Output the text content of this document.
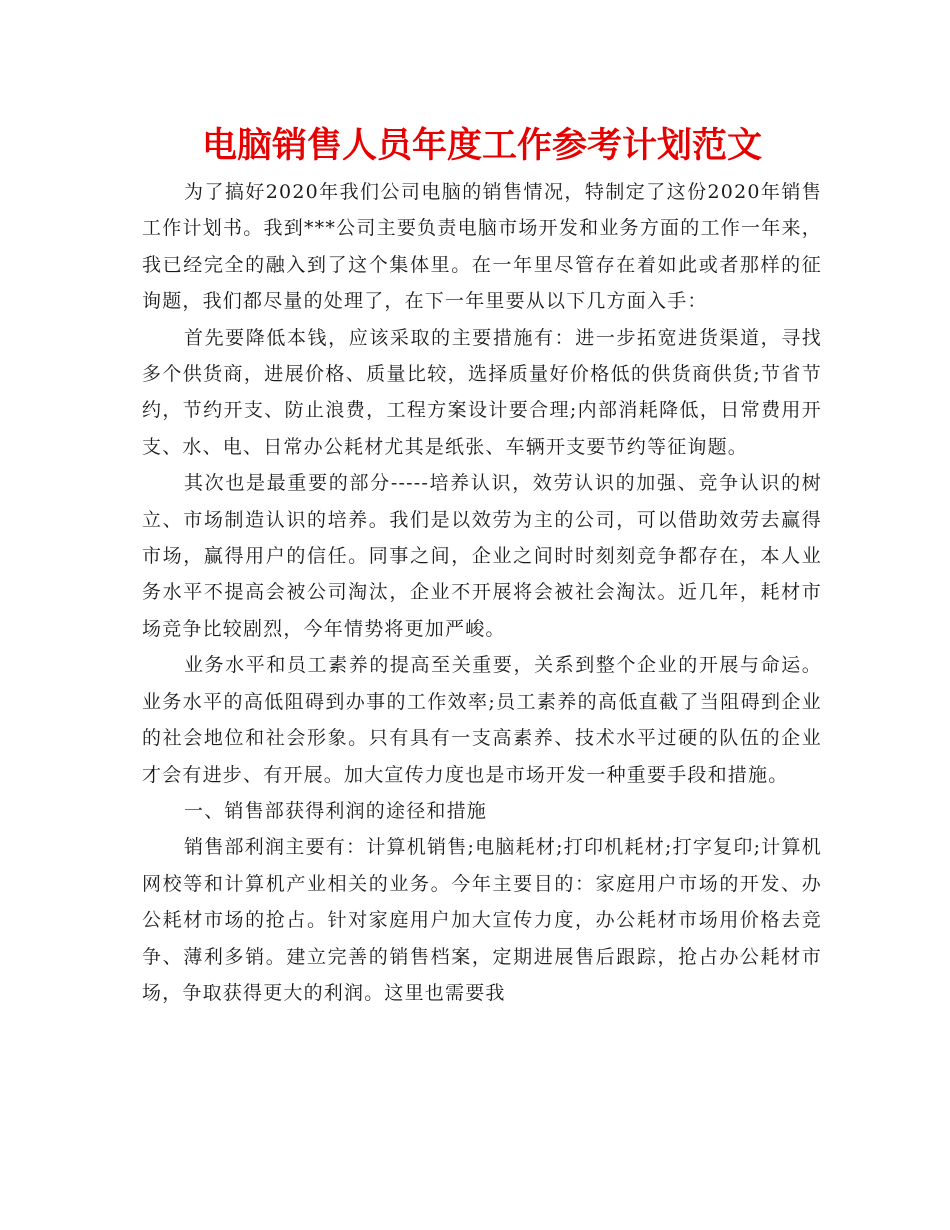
电脑销售人员年度工作参考计划范文

为了搞好2020年我们公司电脑的销售情况，特制定了这份2020年销售工作计划书。我到***公司主要负责电脑市场开发和业务方面的工作一年来，我已经完全的融入到了这个集体里。在一年里尽管存在着如此或者那样的征询题，我们都尽量的处理了，在下一年里要从以下几方面入手：

首先要降低本钱，应该采取的主要措施有：进一步拓宽进货渠道，寻找多个供货商，进展价格、质量比较，选择质量好价格低的供货商供货;节省节约，节约开支、防止浪费，工程方案设计要合理;内部消耗降低，日常费用开支、水、电、日常办公耗材尤其是纸张、车辆开支要节约等征询题。

其次也是最重要的部分-----培养认识，效劳认识的加强、竞争认识的树立、市场制造认识的培养。我们是以效劳为主的公司，可以借助效劳去赢得市场，赢得用户的信任。同事之间，企业之间时时刻刻竞争都存在，本人业务水平不提高会被公司淘汰，企业不开展将会被社会淘汰。近几年，耗材市场竞争比较剧烈，今年情势将更加严峻。

业务水平和员工素养的提高至关重要，关系到整个企业的开展与命运。业务水平的高低阻碍到办事的工作效率;员工素养的高低直截了当阻碍到企业的社会地位和社会形象。只有具有一支高素养、技术水平过硬的队伍的企业才会有进步、有开展。加大宣传力度也是市场开发一种重要手段和措施。

一、销售部获得利润的途径和措施

销售部利润主要有：计算机销售;电脑耗材;打印机耗材;打字复印;计算机网校等和计算机产业相关的业务。今年主要目的：家庭用户市场的开发、办公耗材市场的抢占。针对家庭用户加大宣传力度，办公耗材市场用价格去竞争、薄利多销。建立完善的销售档案，定期进展售后跟踪，抢占办公耗材市场，争取获得更大的利润。这里也需要我
